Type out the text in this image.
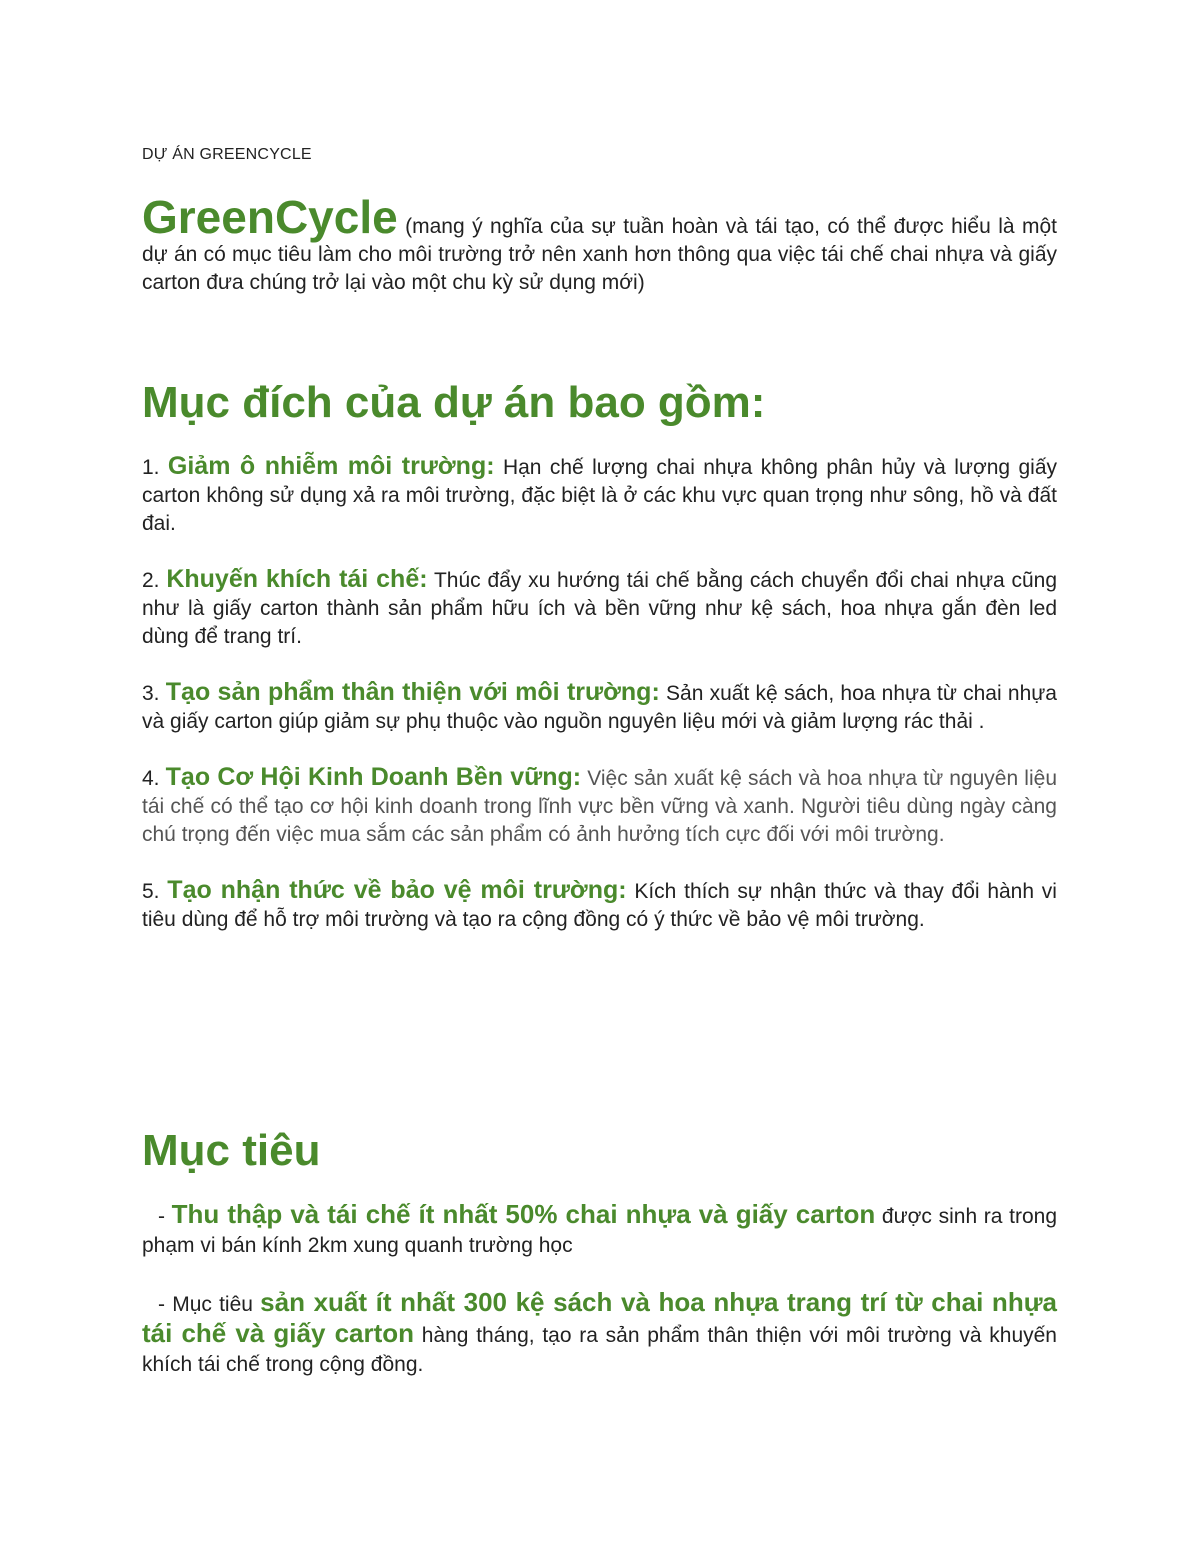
DỰ ÁN GREENCYCLE

GreenCycle (mang ý nghĩa của sự tuần hoàn và tái tạo, có thể được hiểu là một dự án có mục tiêu làm cho môi trường trở nên xanh hơn thông qua việc tái chế chai nhựa và giấy carton đưa chúng trở lại vào một chu kỳ sử dụng mới)

Mục đích của dự án bao gồm:

1. Giảm ô nhiễm môi trường: Hạn chế lượng chai nhựa không phân hủy và lượng giấy carton không sử dụng xả ra môi trường, đặc biệt là ở các khu vực quan trọng như sông, hồ và đất đai.

2. Khuyến khích tái chế: Thúc đẩy xu hướng tái chế bằng cách chuyển đổi chai nhựa cũng như là giấy carton thành sản phẩm hữu ích và bền vững như kệ sách, hoa nhựa gắn đèn led dùng để trang trí.

3. Tạo sản phẩm thân thiện với môi trường: Sản xuất kệ sách, hoa nhựa từ chai nhựa và giấy carton giúp giảm sự phụ thuộc vào nguồn nguyên liệu mới và giảm lượng rác thải .

4. Tạo Cơ Hội Kinh Doanh Bền vững: Việc sản xuất kệ sách và hoa nhựa từ nguyên liệu tái chế có thể tạo cơ hội kinh doanh trong lĩnh vực bền vững và xanh. Người tiêu dùng ngày càng chú trọng đến việc mua sắm các sản phẩm có ảnh hưởng tích cực đối với môi trường.

5. Tạo nhận thức về bảo vệ môi trường: Kích thích sự nhận thức và thay đổi hành vi tiêu dùng để hỗ trợ môi trường và tạo ra cộng đồng có ý thức về bảo vệ môi trường.

Mục tiêu

- Thu thập và tái chế ít nhất 50% chai nhựa và giấy carton được sinh ra trong phạm vi bán kính 2km xung quanh trường học

- Mục tiêu sản xuất ít nhất 300 kệ sách và hoa nhựa trang trí từ chai nhựa tái chế và giấy carton hàng tháng, tạo ra sản phẩm thân thiện với môi trường và khuyến khích tái chế trong cộng đồng.
